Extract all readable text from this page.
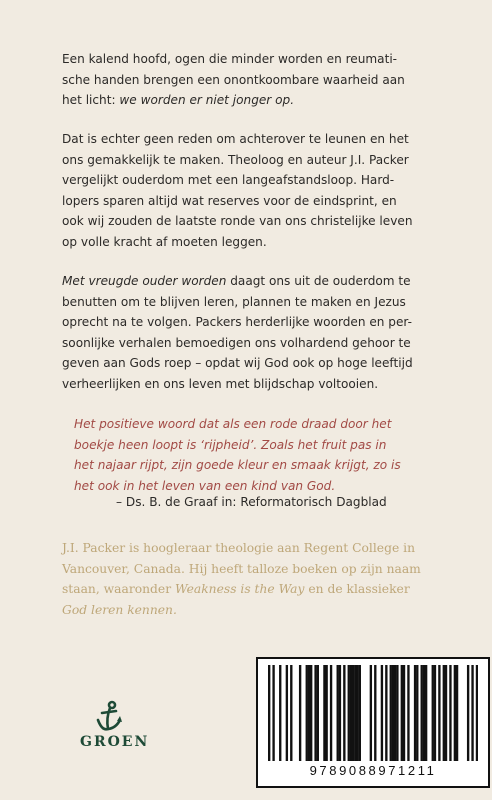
Een kalend hoofd, ogen die minder worden en reumati-
sche handen brengen een onontkoombare waarheid aan
het licht: we worden er niet jonger op.
Dat is echter geen reden om achterover te leunen en het
ons gemakkelijk te maken. Theoloog en auteur J.I. Packer
vergelijkt ouderdom met een langeafstandsloop. Hard-
lopers sparen altijd wat reserves voor de eindsprint, en
ook wij zouden de laatste ronde van ons christelijke leven
op volle kracht af moeten leggen.
Met vreugde ouder worden daagt ons uit de ouderdom te
benutten om te blijven leren, plannen te maken en Jezus
oprecht na te volgen. Packers herderlijke woorden en per-
soonlijke verhalen bemoedigen ons volhardend gehoor te
geven aan Gods roep – opdat wij God ook op hoge leeftijd
verheerlijken en ons leven met blijdschap voltooien.
Het positieve woord dat als een rode draad door het
boekje heen loopt is ‘rijpheid’. Zoals het fruit pas in
het najaar rijpt, zijn goede kleur en smaak krijgt, zo is
het ook in het leven van een kind van God.
– Ds. B. de Graaf in: Reformatorisch Dagblad
J.I. Packer is hoogleraar theologie aan Regent College in
Vancouver, Canada. Hij heeft talloze boeken op zijn naam
staan, waaronder Weakness is the Way en de klassieker
God leren kennen.
GROEN
9789088971211
